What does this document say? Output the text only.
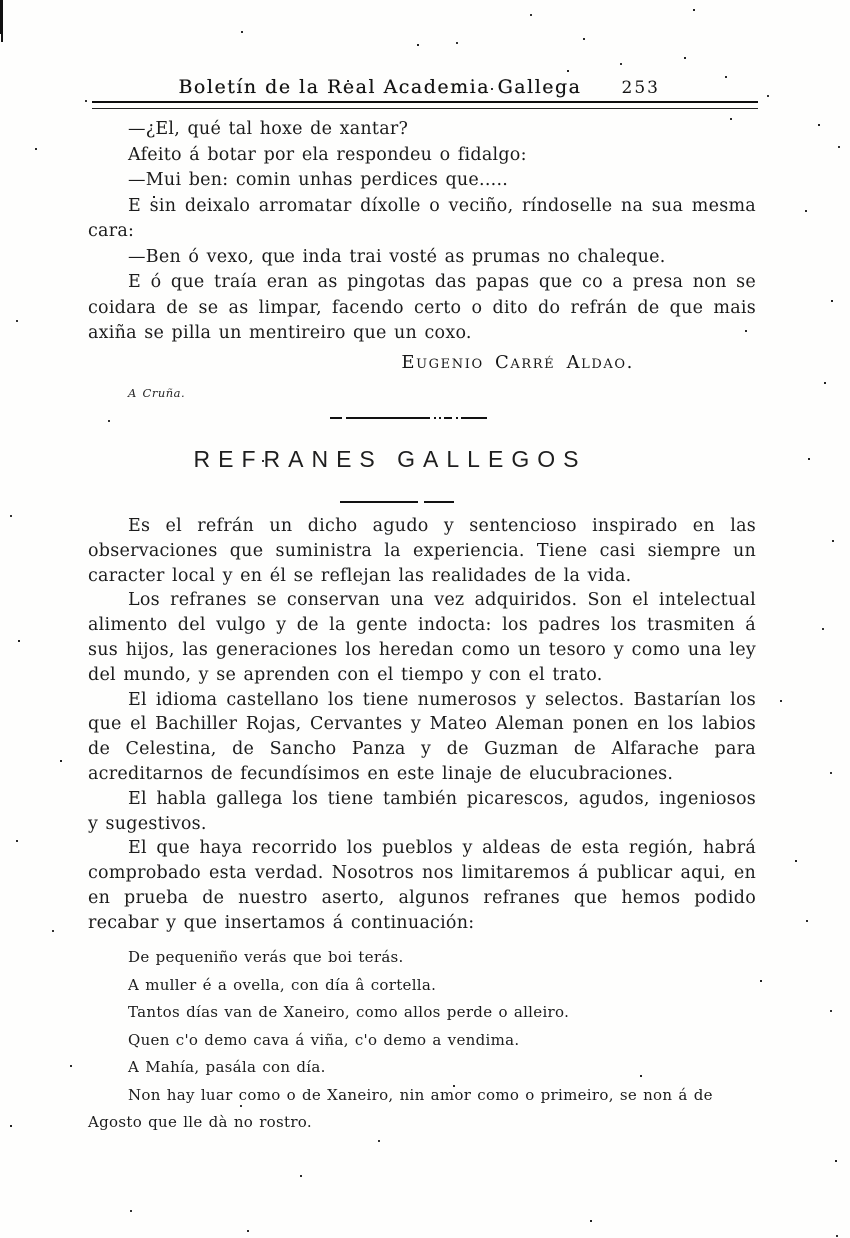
Boletín de la Real Academia Gallega	253

—¿El, qué tal hoxe de xantar?

Afeito á botar por ela respondeu o fidalgo:

—Mui ben: comin unhas perdices que.....

E sin deixalo arromatar díxolle o veciño, ríndoselle na sua mesma cara:

—Ben ó vexo, que inda trai vosté as prumas no chaleque.

E ó que traía eran as pingotas das papas que co a presa non se coidara de se as limpar, facendo certo o dito do refrán de que mais axiña se pilla un mentireiro que un coxo.

Eugenio Carré Aldao.

A Cruña.

REFRANES GALLEGOS

Es el refrán un dicho agudo y sentencioso inspirado en las observaciones que suministra la experiencia. Tiene casi siempre un caracter local y en él se reflejan las realidades de la vida.

Los refranes se conservan una vez adquiridos. Son el intelectual alimento del vulgo y de la gente indocta: los padres los trasmiten á sus hijos, las generaciones los heredan como un tesoro y como una ley del mundo, y se aprenden con el tiempo y con el trato.

El idioma castellano los tiene numerosos y selectos. Bastarían los que el Bachiller Rojas, Cervantes y Mateo Aleman ponen en los labios de Celestina, de Sancho Panza y de Guzman de Alfarache para acreditarnos de fecundísimos en este linaje de elucubraciones.

El habla gallega los tiene también picarescos, agudos, ingeniosos y sugestivos.

El que haya recorrido los pueblos y aldeas de esta región, habrá comprobado esta verdad. Nosotros nos limitaremos á publicar aqui, en en prueba de nuestro aserto, algunos refranes que hemos podido recabar y que insertamos á continuación:

De pequeniño verás que boi terás.

A muller é a ovella, con día â cortella.

Tantos días van de Xaneiro, como allos perde o alleiro.

Quen c'o demo cava á viña, c'o demo a vendima.

A Mahía, pasála con día.

Non hay luar como o de Xaneiro, nin amor como o primeiro, se non á de Agosto que lle dà no rostro.
